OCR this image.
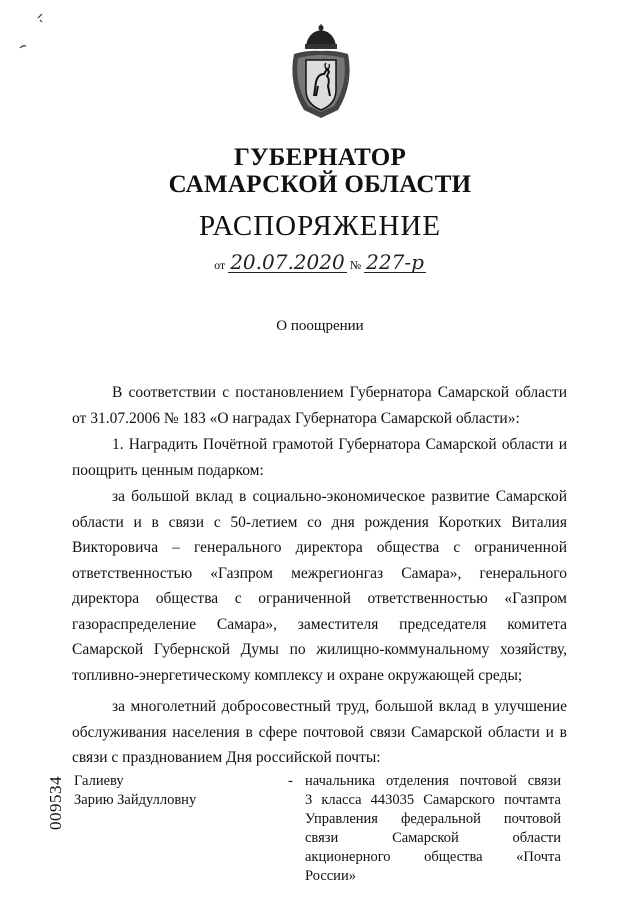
ГУБЕРНАТОР
САМАРСКОЙ ОБЛАСТИ
РАСПОРЯЖЕНИЕ
от 20.07.2020 № 227-р
О поощрении
В соответствии с постановлением Губернатора Самарской области
от 31.07.2006 № 183 «О наградах Губернатора Самарской области»:
1. Наградить Почётной грамотой Губернатора Самарской области и
поощрить ценным подарком:
за большой вклад в социально-экономическое развитие Самарской
области и в связи с 50-летием со дня рождения Коротких Виталия
Викторовича – генерального директора общества с ограниченной
ответственностью «Газпром межрегионгаз Самара», генерального
директора общества с ограниченной ответственностью «Газпром
газораспределение Самара», заместителя председателя комитета
Самарской Губернской Думы по жилищно-коммунальному хозяйству,
топливно-энергетическому комплексу и охране окружающей среды;
за многолетний добросовестный труд, большой вклад в улучшение
обслуживания населения в сфере почтовой связи Самарской области и в
связи с празднованием Дня российской почты:
Галиеву
Зарию Зайдулловну
- начальника отделения почтовой связи
3 класса 443035 Самарского почтамта
Управления федеральной почтовой
связи Самарской области
акционерного общества «Почта
России»
009534
